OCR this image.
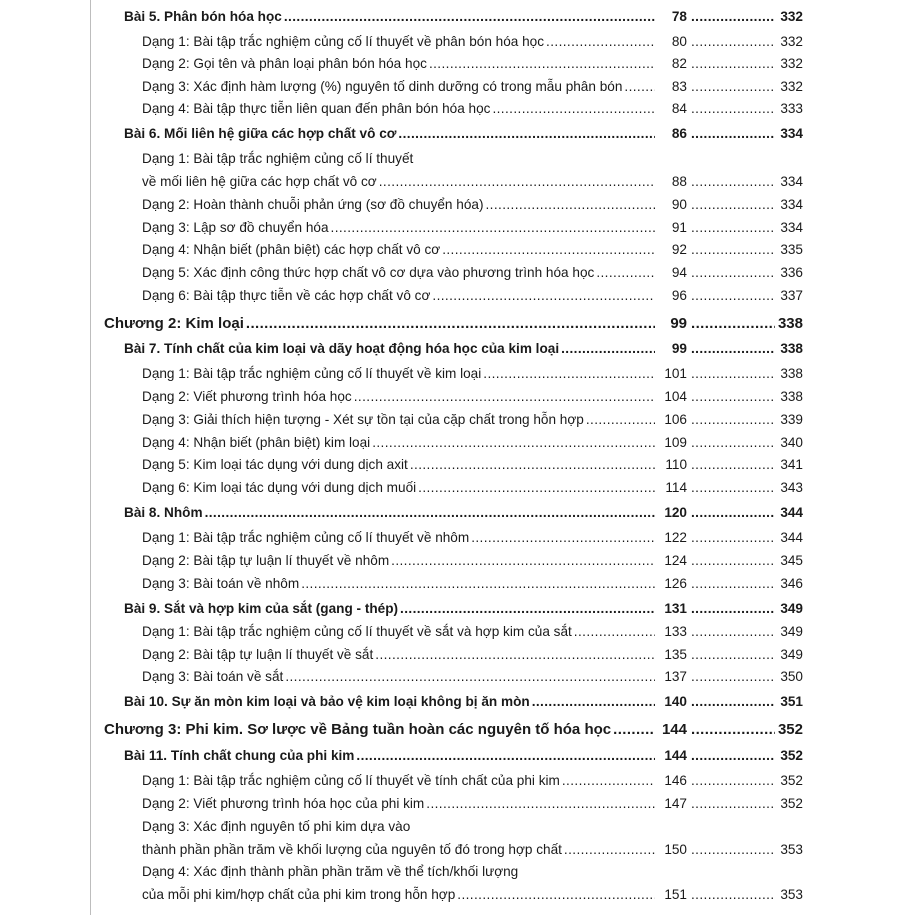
Bài 5. Phân bón hóa học .....	78 .....	332
Dạng 1: Bài tập trắc nghiệm củng cố lí thuyết về phân bón hóa học .....	80 .....	332
Dạng 2: Gọi tên và phân loại phân bón hóa học .....	82 .....	332
Dạng 3: Xác định hàm lượng (%) nguyên tố dinh dưỡng có trong mẫu phân bón .....	83 .....	332
Dạng 4: Bài tập thực tiễn liên quan đến phân bón hóa học .....	84 .....	333
Bài 6. Mối liên hệ giữa các hợp chất vô cơ .....	86 .....	334
Dạng 1: Bài tập trắc nghiệm củng cố lí thuyết
về mối liên hệ giữa các hợp chất vô cơ .....	88 .....	334
Dạng 2: Hoàn thành chuỗi phản ứng (sơ đồ chuyển hóa) .....	90 .....	334
Dạng 3: Lập sơ đồ chuyển hóa .....	91 .....	334
Dạng 4: Nhận biết (phân biệt) các hợp chất vô cơ .....	92 .....	335
Dạng 5: Xác định công thức hợp chất vô cơ dựa vào phương trình hóa học .....	94 .....	336
Dạng 6: Bài tập thực tiễn về các hợp chất vô cơ .....	96 .....	337
Chương 2: Kim loại .....	99 .....	338
Bài 7. Tính chất của kim loại và dãy hoạt động hóa học của kim loại .....	99 .....	338
Dạng 1: Bài tập trắc nghiệm củng cố lí thuyết về kim loại .....	101 .....	338
Dạng 2: Viết phương trình hóa học .....	104 .....	338
Dạng 3: Giải thích hiện tượng - Xét sự tồn tại của cặp chất trong hỗn hợp .....	106 .....	339
Dạng 4: Nhận biết (phân biệt) kim loại .....	109 .....	340
Dạng 5: Kim loại tác dụng với dung dịch axit .....	110 .....	341
Dạng 6: Kim loại tác dụng với dung dịch muối .....	114 .....	343
Bài 8. Nhôm .....	120 .....	344
Dạng 1: Bài tập trắc nghiệm củng cố lí thuyết về nhôm .....	122 .....	344
Dạng 2: Bài tập tự luận lí thuyết về nhôm .....	124 .....	345
Dạng 3: Bài toán về nhôm .....	126 .....	346
Bài 9. Sắt và hợp kim của sắt (gang - thép) .....	131 .....	349
Dạng 1: Bài tập trắc nghiệm củng cố lí thuyết về sắt và hợp kim của sắt .....	133 .....	349
Dạng 2: Bài tập tự luận lí thuyết về sắt .....	135 .....	349
Dạng 3: Bài toán về sắt .....	137 .....	350
Bài 10. Sự ăn mòn kim loại và bảo vệ kim loại không bị ăn mòn .....	140 .....	351
Chương 3: Phi kim. Sơ lược về Bảng tuần hoàn các nguyên tố hóa học .....	144 .....	352
Bài 11. Tính chất chung của phi kim .....	144 .....	352
Dạng 1: Bài tập trắc nghiệm củng cố lí thuyết về tính chất của phi kim .....	146 .....	352
Dạng 2: Viết phương trình hóa học của phi kim .....	147 .....	352
Dạng 3: Xác định nguyên tố phi kim dựa vào
thành phần phần trăm về khối lượng của nguyên tố đó trong hợp chất .....	150 .....	353
Dạng 4: Xác định thành phần phần trăm về thể tích/khối lượng
của mỗi phi kim/hợp chất của phi kim trong hỗn hợp .....	151 .....	353
